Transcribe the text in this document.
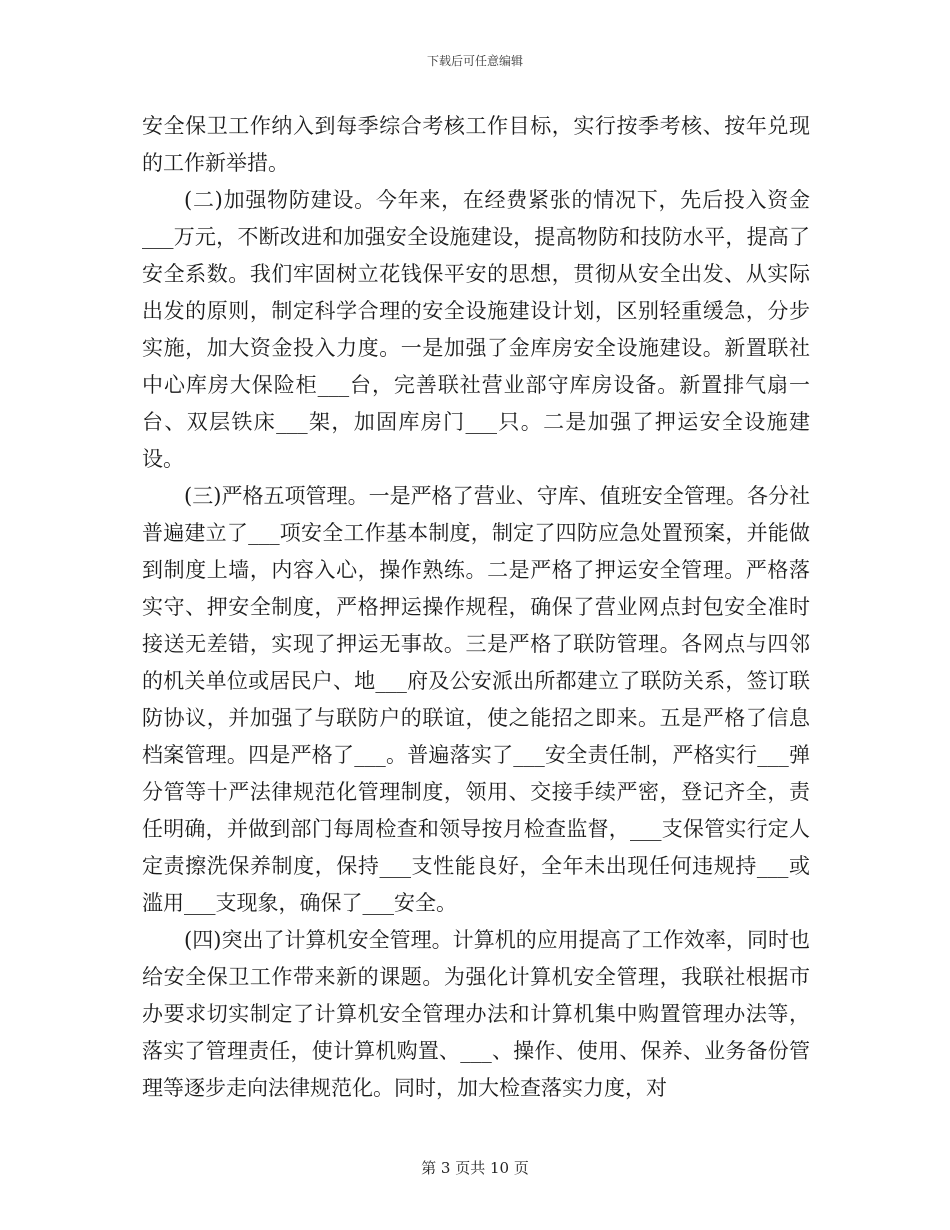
下载后可任意编辑

安全保卫工作纳入到每季综合考核工作目标，实行按季考核、按年兑现的工作新举措。

(二)加强物防建设。今年来，在经费紧张的情况下，先后投入资金___万元，不断改进和加强安全设施建设，提高物防和技防水平，提高了安全系数。我们牢固树立花钱保平安的思想，贯彻从安全出发、从实际出发的原则，制定科学合理的安全设施建设计划，区别轻重缓急，分步实施，加大资金投入力度。一是加强了金库房安全设施建设。新置联社中心库房大保险柜___台，完善联社营业部守库房设备。新置排气扇一台、双层铁床___架，加固库房门___只。二是加强了押运安全设施建设。

(三)严格五项管理。一是严格了营业、守库、值班安全管理。各分社普遍建立了___项安全工作基本制度，制定了四防应急处置预案，并能做到制度上墙，内容入心，操作熟练。二是严格了押运安全管理。严格落实守、押安全制度，严格押运操作规程，确保了营业网点封包安全准时接送无差错，实现了押运无事故。三是严格了联防管理。各网点与四邻的机关单位或居民户、地___府及公安派出所都建立了联防关系，签订联防协议，并加强了与联防户的联谊，使之能招之即来。五是严格了信息档案管理。四是严格了___。普遍落实了___安全责任制，严格实行___弹分管等十严法律规范化管理制度，领用、交接手续严密，登记齐全，责任明确，并做到部门每周检查和领导按月检查监督，___支保管实行定人定责擦洗保养制度，保持___支性能良好，全年未出现任何违规持___或滥用___支现象，确保了___安全。

(四)突出了计算机安全管理。计算机的应用提高了工作效率，同时也给安全保卫工作带来新的课题。为强化计算机安全管理，我联社根据市办要求切实制定了计算机安全管理办法和计算机集中购置管理办法等，落实了管理责任，使计算机购置、___、操作、使用、保养、业务备份管理等逐步走向法律规范化。同时，加大检查落实力度，对

第 3 页共 10 页
